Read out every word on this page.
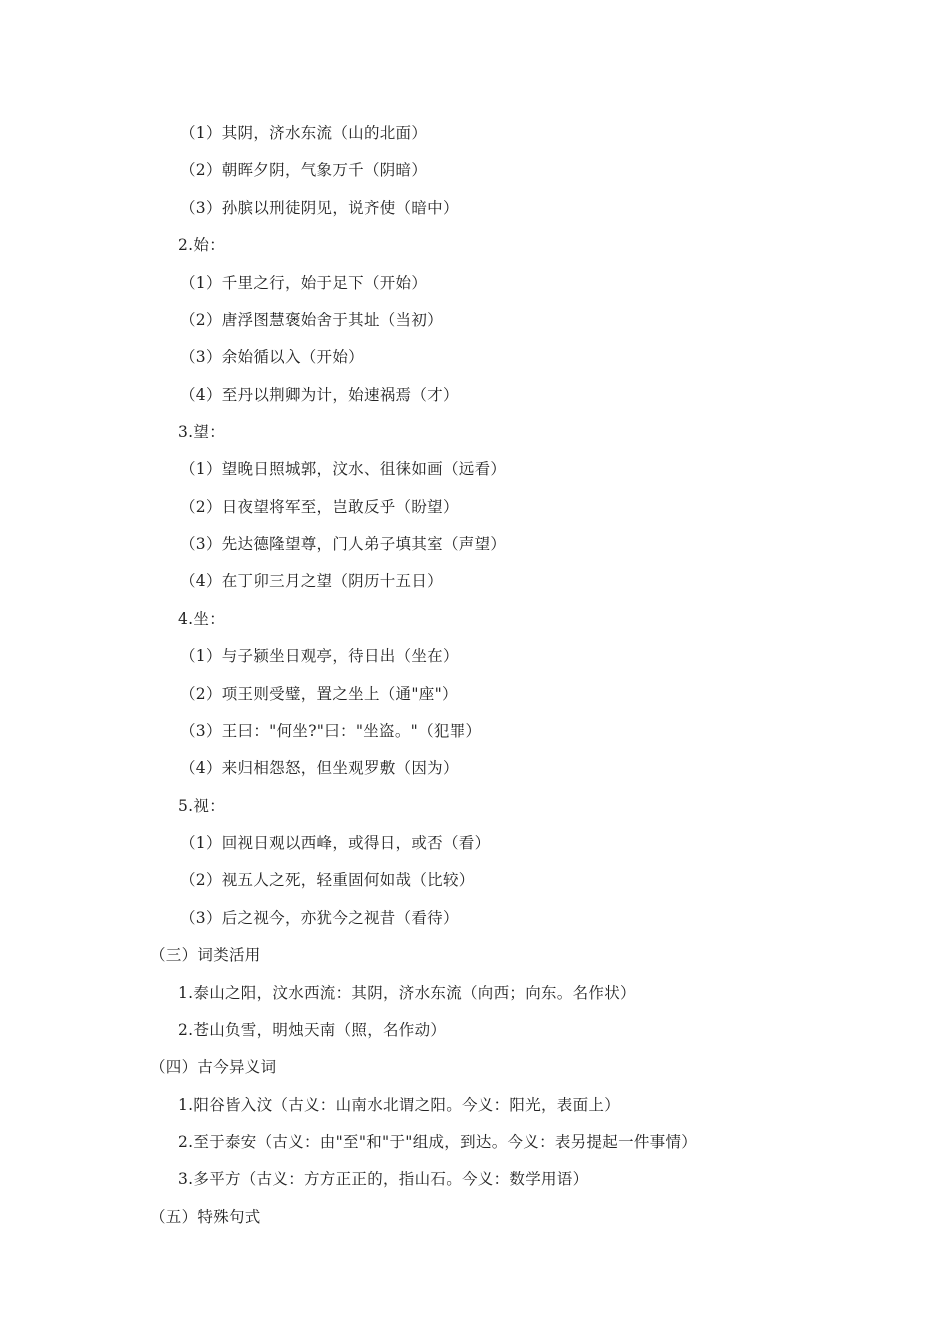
（1）其阴，济水东流（山的北面）
（2）朝晖夕阴，气象万千（阴暗）
（3）孙膑以刑徒阴见，说齐使（暗中）
2.始：
（1）千里之行，始于足下（开始）
（2）唐浮图慧褒始舍于其址（当初）
（3）余始循以入（开始）
（4）至丹以荆卿为计，始速祸焉（才）
3.望：
（1）望晚日照城郭，汶水、徂徕如画（远看）
（2）日夜望将军至，岂敢反乎（盼望）
（3）先达德隆望尊，门人弟子填其室（声望）
（4）在丁卯三月之望（阴历十五日）
4.坐：
（1）与子颍坐日观亭，待日出（坐在）
（2）项王则受璧，置之坐上（通"座"）
（3）王曰："何坐?"曰："坐盗。"（犯罪）
（4）来归相怨怒，但坐观罗敷（因为）
5.视：
（1）回视日观以西峰，或得日，或否（看）
（2）视五人之死，轻重固何如哉（比较）
（3）后之视今，亦犹今之视昔（看待）
（三）词类活用
1.泰山之阳，汶水西流：其阴，济水东流（向西；向东。名作状）
2.苍山负雪，明烛天南（照，名作动）
（四）古今异义词
1.阳谷皆入汶（古义：山南水北谓之阳。今义：阳光，表面上）
2.至于泰安（古义：由"至"和"于"组成，到达。今义：表另提起一件事情）
3.多平方（古义：方方正正的，指山石。今义：数学用语）
（五）特殊句式
